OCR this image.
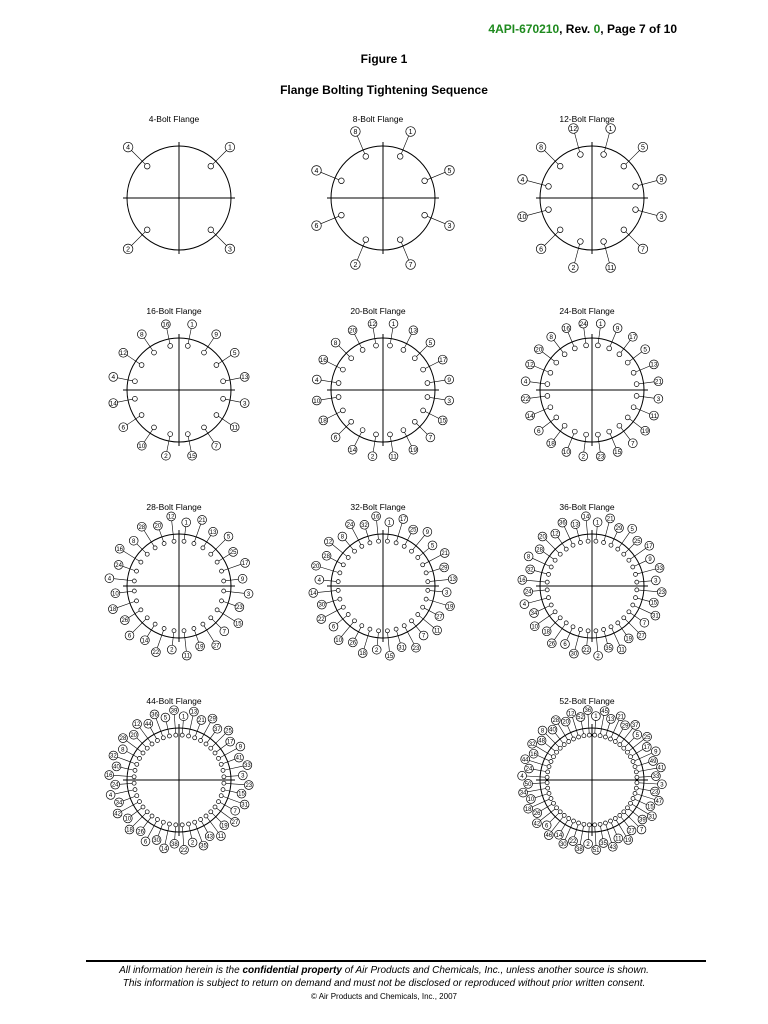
4API-670210, Rev. 0, Page 7 of 10
Figure 1
Flange Bolting Tightening Sequence
4-Bolt Flange
1
3
2
4
8-Bolt Flange
1
5
3
7
2
6
4
8
12-Bolt Flange
1
5
9
3
7
11
2
6
10
4
8
12
16-Bolt Flange
1
9
5
13
3
11
7
15
2
10
6
14
4
12
8
16
20-Bolt Flange
1
13
5
17
9
3
15
7
19
11
2
14
6
18
10
4
16
8
20
12
24-Bolt Flange
1
9
17
5
13
21
3
11
19
7
15
23
2
10
18
6
14
22
4
12
20
8
16
24
28-Bolt Flange
1 21
13
5
25
17
9
3
23
15
7
27
19
11
2
22
14
6
26
18
10
4
24
16
8
28 20
12
32-Bolt Flange
1
17
25 9
5
21
29
13
3
19
27
11
7
23
31
15
2
18
26
10
6
22
30
14
4
20
28
12
8
24 32
16
36-Bolt Flange
1
21
29 5
25
17
9
33
3
23
15
31
7
27
19
11
35
2
22
30
6
26
18
10
34
4
24
16
32
8
28
20 12
36 13
14
44-Bolt Flange
1
13
21 29
37 25
17
9
41
33
3
23
15
31
7
27
19
11
43
35
2
22
38
14
30
6
26
18
10
42
34
4
24
16
40
32
8
28
20
12 44
36
5
39
52-Bolt Flange
1
45
13 21
29 37
5 25
17
9
49
41
33
3
23
47
15
31
39
7
27
19
11
43
35
51
2
38
22
30
14
46
6
42
26
18
10
34
50
4
24
44
16
32
48
8 40
28 20
12
52
36
All information herein is the confidential property of Air Products and Chemicals, Inc., unless another source is shown.
This information is subject to return on demand and must not be disclosed or reproduced without prior written consent.
© Air Products and Chemicals, Inc., 2007
